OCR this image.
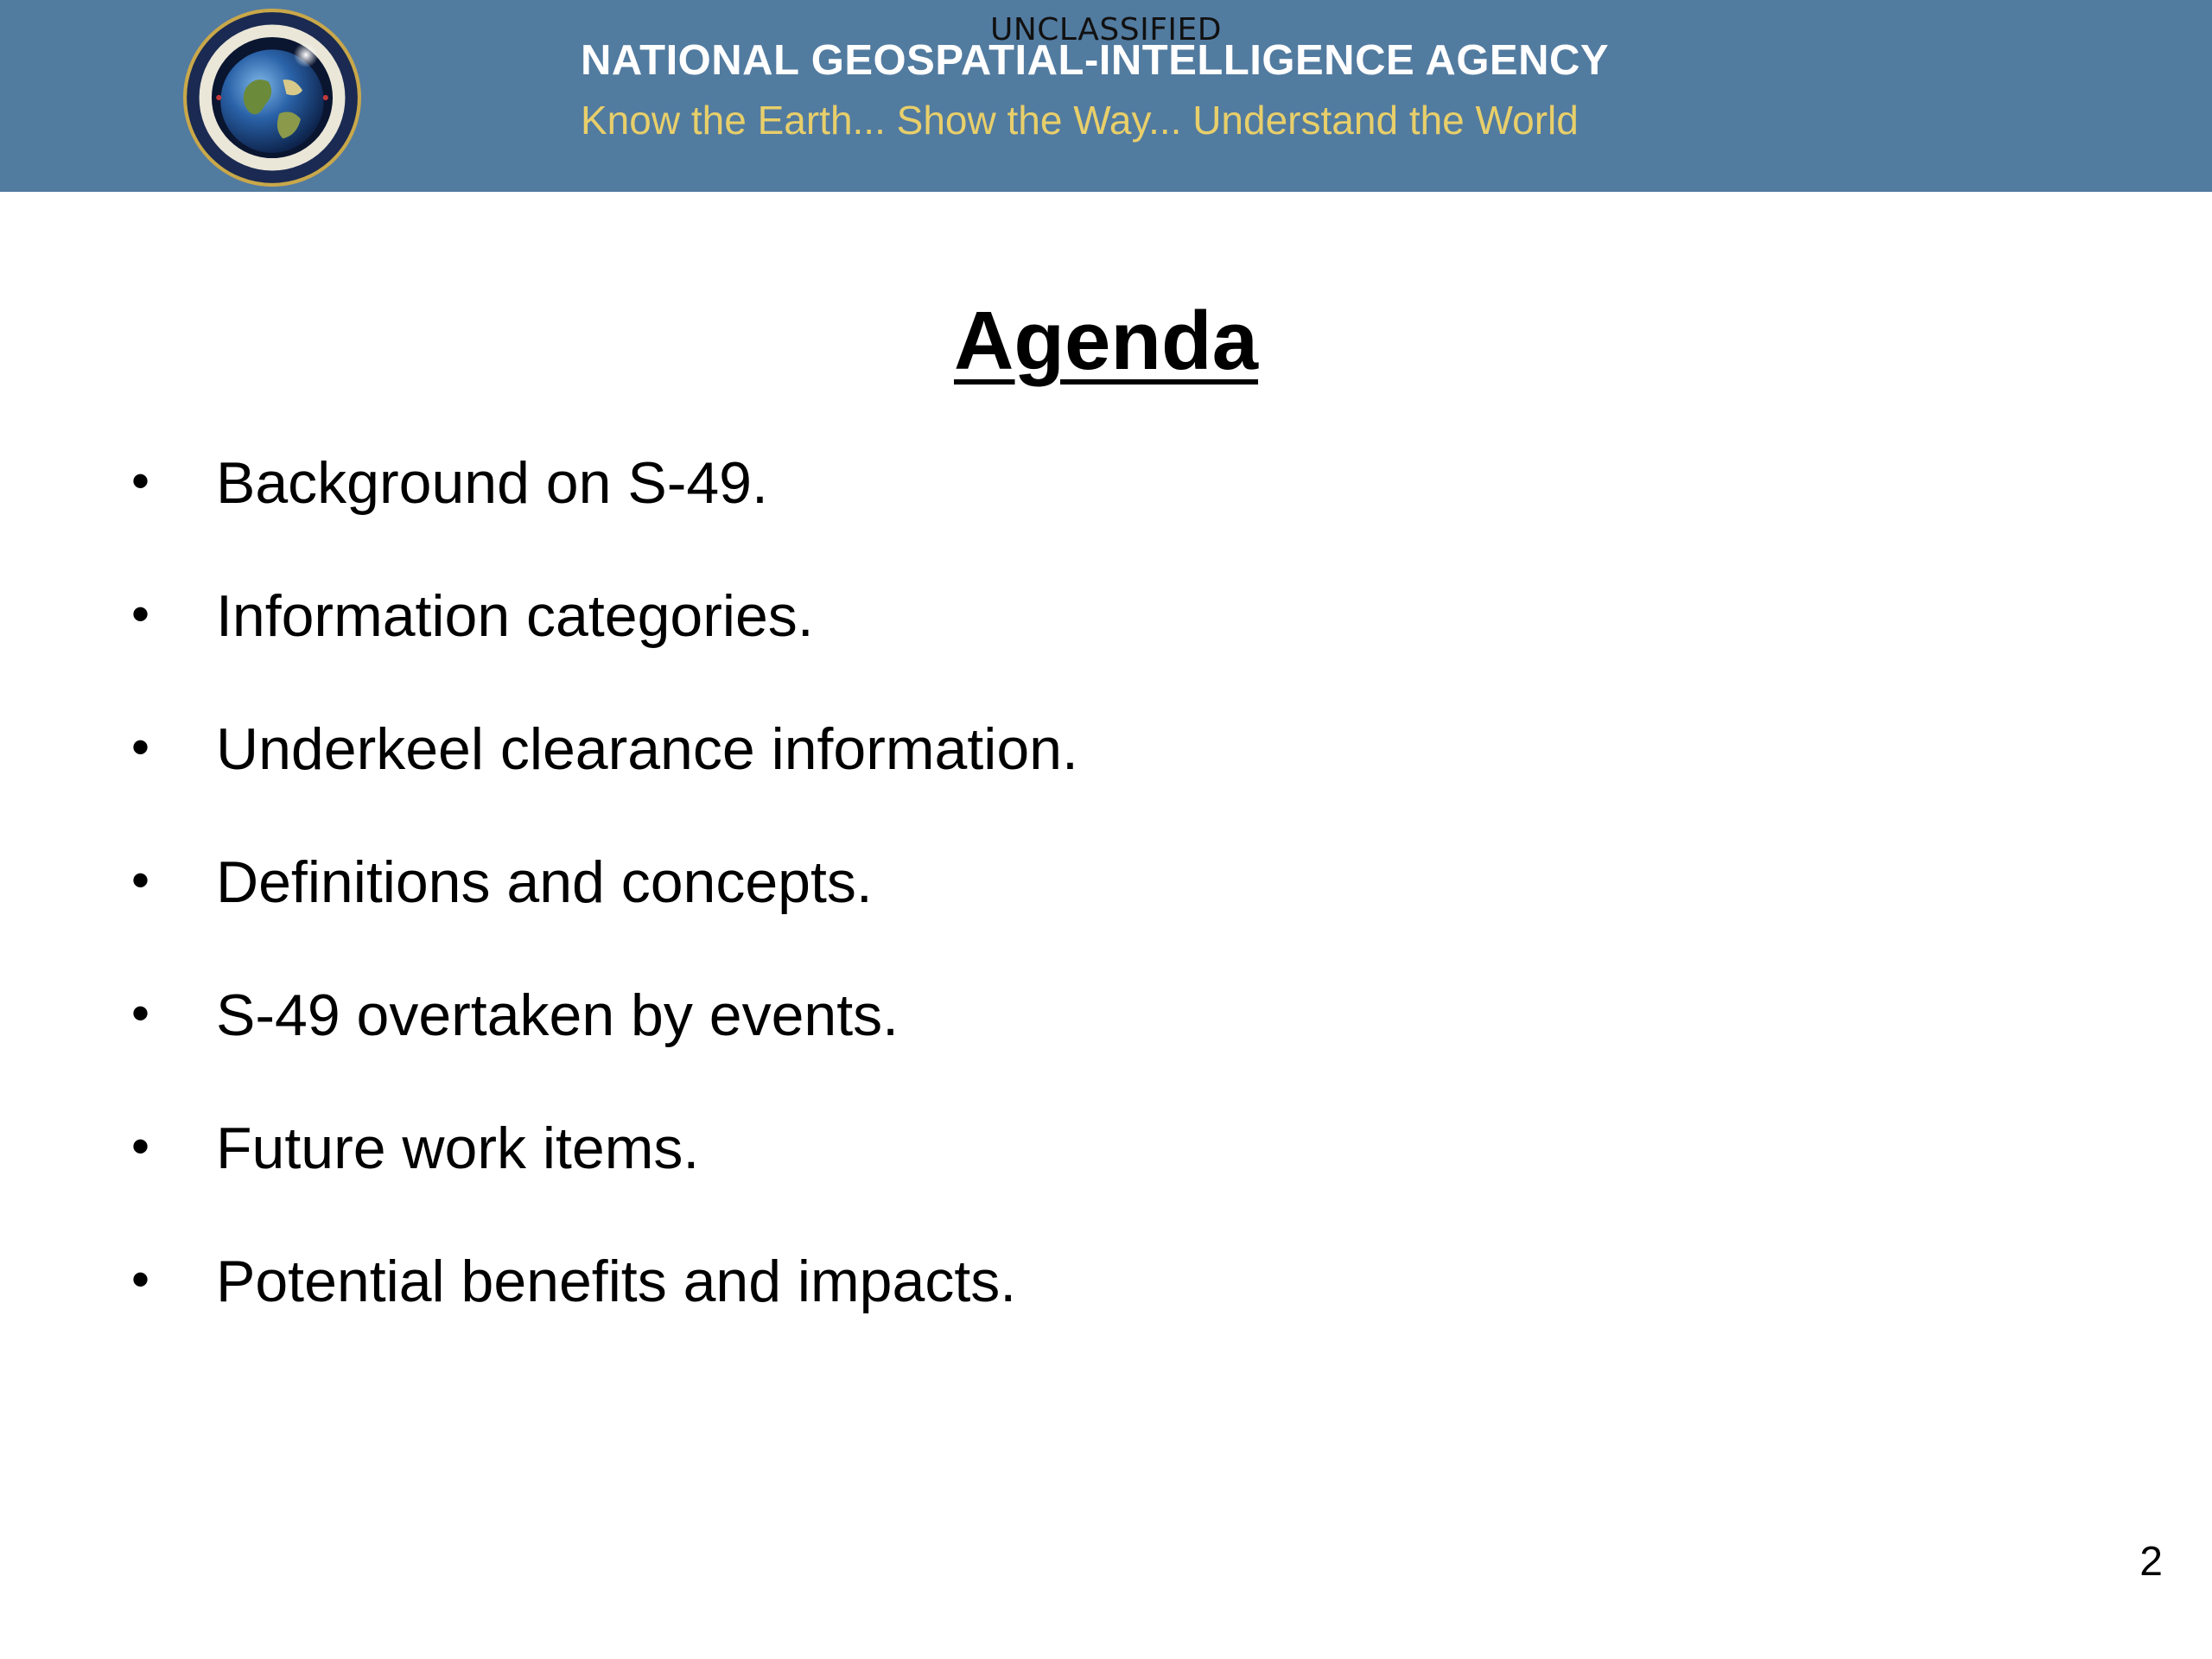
UNCLASSIFIED
NATIONAL GEOSPATIAL-INTELLIGENCE AGENCY
Know the Earth... Show the Way... Understand the World
Agenda
• Background on S-49.
• Information categories.
• Underkeel clearance information.
• Definitions and concepts.
• S-49 overtaken by events.
• Future work items.
• Potential benefits and impacts.
2
